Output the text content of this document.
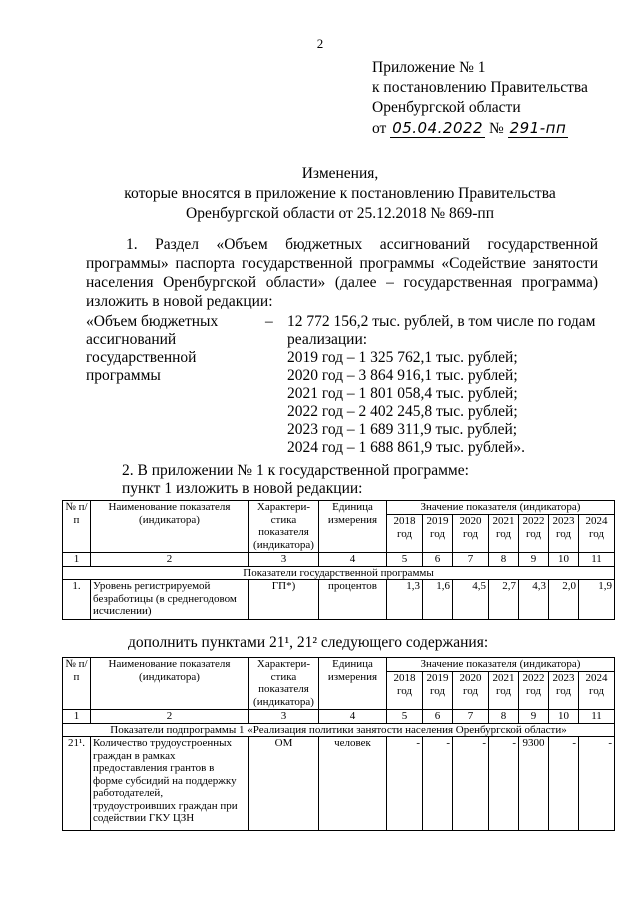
2
Приложение № 1
к постановлению Правительства
Оренбургской области
от 05.04.2022 № 291-пп
Изменения,
которые вносятся в приложение к постановлению Правительства
Оренбургской области от 25.12.2018 № 869-пп
1. Раздел «Объем бюджетных ассигнований государственной программы» паспорта государственной программы «Содействие занятости населения Оренбургской области» (далее – государственная программа) изложить в новой редакции:
«Объем бюджетных
ассигнований
государственной
программы
– 12 772 156,2 тыс. рублей, в том числе по годам
реализации:
2019 год – 1 325 762,1 тыс. рублей;
2020 год – 3 864 916,1 тыс. рублей;
2021 год – 1 801 058,4 тыс. рублей;
2022 год – 2 402 245,8 тыс. рублей;
2023 год – 1 689 311,9 тыс. рублей;
2024 год – 1 688 861,9 тыс. рублей».
2. В приложении № 1 к государственной программе:
пункт 1 изложить в новой редакции:
№ п/п	Наименование показателя (индикатора)	Характери-стика показателя (индикатора)	Единица измерения	Значение показателя (индикатора)						
				2018 год	2019 год	2020 год	2021 год	2022 год	2023 год	2024 год
1	2	3	4	5	6	7	8	9	10	11
Показатели государственной программы										
1.	Уровень регистрируемой безработицы (в среднегодовом исчислении)	ГП*)	процентов	1,3	1,6	4,5	2,7	4,3	2,0	1,9
дополнить пунктами 21¹, 21² следующего содержания:
№ п/п	Наименование показателя (индикатора)	Характери-стика показателя (индикатора)	Единица измерения	Значение показателя (индикатора)						
				2018 год	2019 год	2020 год	2021 год	2022 год	2023 год	2024 год
1	2	3	4	5	6	7	8	9	10	11
Показатели подпрограммы 1 «Реализация политики занятости населения Оренбургской области»										
21¹.	Количество трудоустроенных граждан в рамках предоставления грантов в форме субсидий на поддержку работодателей, трудоустроивших граждан при содействии ГКУ ЦЗН	ОМ	человек	-	-	-	-	9300	-	-
